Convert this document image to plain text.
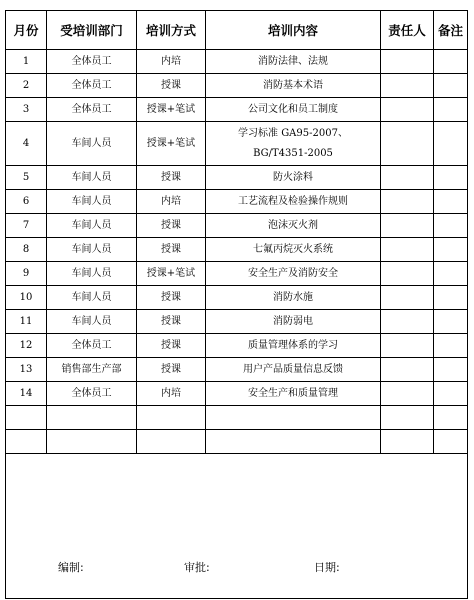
月份	受培训部门	培训方式	培训内容	责任人	备注
1	全体员工	内培	消防法律、法规		
2	全体员工	授课	消防基本术语		
3	全体员工	授课+笔试	公司文化和员工制度		
4	车间人员	授课+笔试	学习标准 GA95-2007、
BG/T4351-2005		

5	车间人员	授课	防火涂料		
6	车间人员	内培	工艺流程及检验操作规则		
7	车间人员	授课	泡沫灭火剂		
8	车间人员	授课	七氟丙烷灭火系统		
9	车间人员	授课+笔试	安全生产及消防安全		
10	车间人员	授课	消防水施		
11	车间人员	授课	消防弱电		
12	全体员工	授课	质量管理体系的学习		
13	销售部生产部	授课	用户产品质量信息反馈		
14	全体员工	内培	安全生产和质量管理		

编制:	审批:	日期:
